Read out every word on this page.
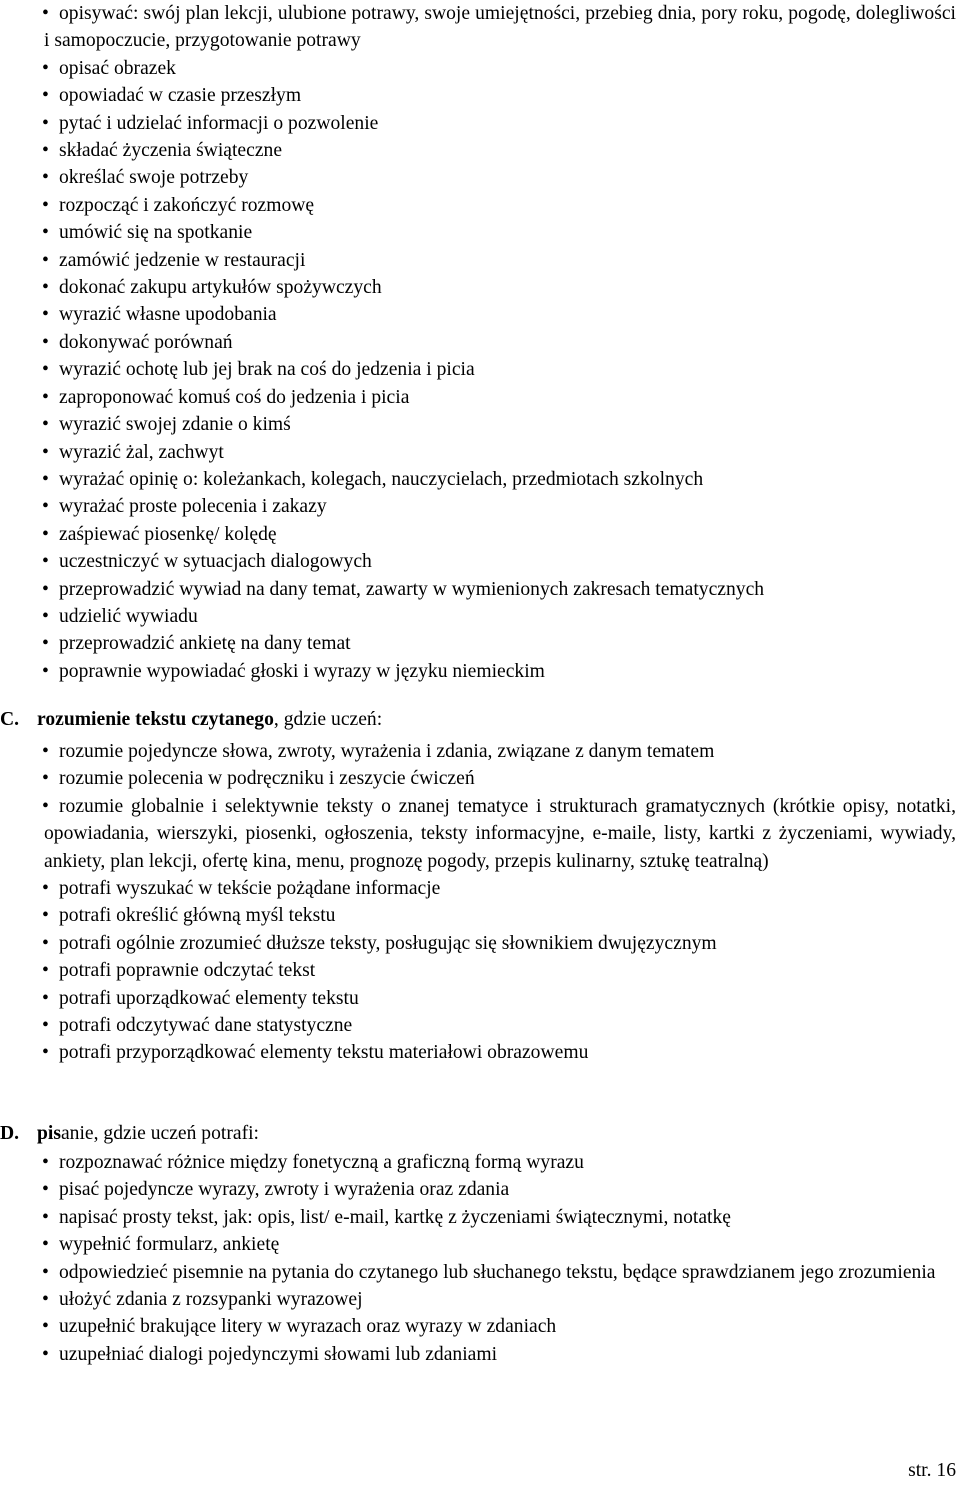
• opisywać: swój plan lekcji, ulubione potrawy, swoje umiejętności, przebieg dnia, pory roku, pogodę, dolegliwości i samopoczucie, przygotowanie potrawy
• opisać obrazek
• opowiadać w czasie przeszłym
• pytać i udzielać informacji o pozwolenie
• składać życzenia świąteczne
• określać swoje potrzeby
• rozpocząć i zakończyć rozmowę
• umówić się na spotkanie
• zamówić jedzenie w restauracji
• dokonać zakupu artykułów spożywczych
• wyrazić własne upodobania
• dokonywać porównań
• wyrazić ochotę lub jej brak na coś do jedzenia i picia
• zaproponować komuś coś do jedzenia i picia
• wyrazić swojej zdanie o kimś
• wyrazić żal, zachwyt
• wyrażać opinię o: koleżankach, kolegach, nauczycielach, przedmiotach szkolnych
• wyrażać proste polecenia i zakazy
• zaśpiewać piosenkę/ kolędę
• uczestniczyć w sytuacjach dialogowych
• przeprowadzić wywiad na dany temat, zawarty w wymienionych zakresach tematycznych
• udzielić wywiadu
• przeprowadzić ankietę na dany temat
• poprawnie wypowiadać głoski i wyrazy w języku niemieckim
C. rozumienie tekstu czytanego, gdzie uczeń:
• rozumie pojedyncze słowa, zwroty, wyrażenia i zdania, związane z danym tematem
• rozumie polecenia w podręczniku i zeszycie ćwiczeń
• rozumie globalnie i selektywnie teksty o znanej tematyce i strukturach gramatycznych (krótkie opisy, notatki, opowiadania, wierszyki, piosenki, ogłoszenia, teksty informacyjne, e-maile, listy, kartki z życzeniami, wywiady, ankiety, plan lekcji, ofertę kina, menu, prognozę pogody, przepis kulinarny, sztukę teatralną)
• potrafi wyszukać w tekście pożądane informacje
• potrafi określić główną myśl tekstu
• potrafi ogólnie zrozumieć dłuższe teksty, posługując się słownikiem dwujęzycznym
• potrafi poprawnie odczytać tekst
• potrafi uporządkować elementy tekstu
• potrafi odczytywać dane statystyczne
• potrafi przyporządkować elementy tekstu materiałowi obrazowemu
D. pisanie, gdzie uczeń potrafi:
• rozpoznawać różnice między fonetyczną a graficzną formą wyrazu
• pisać pojedyncze wyrazy, zwroty i wyrażenia oraz zdania
• napisać prosty tekst, jak: opis, list/ e-mail, kartkę z życzeniami świątecznymi, notatkę
• wypełnić formularz, ankietę
• odpowiedzieć pisemnie na pytania do czytanego lub słuchanego tekstu, będące sprawdzianem jego zrozumienia
• ułożyć zdania z rozsypanki wyrazowej
• uzupełnić brakujące litery w wyrazach oraz wyrazy w zdaniach
• uzupełniać dialogi pojedynczymi słowami lub zdaniami
str. 16
